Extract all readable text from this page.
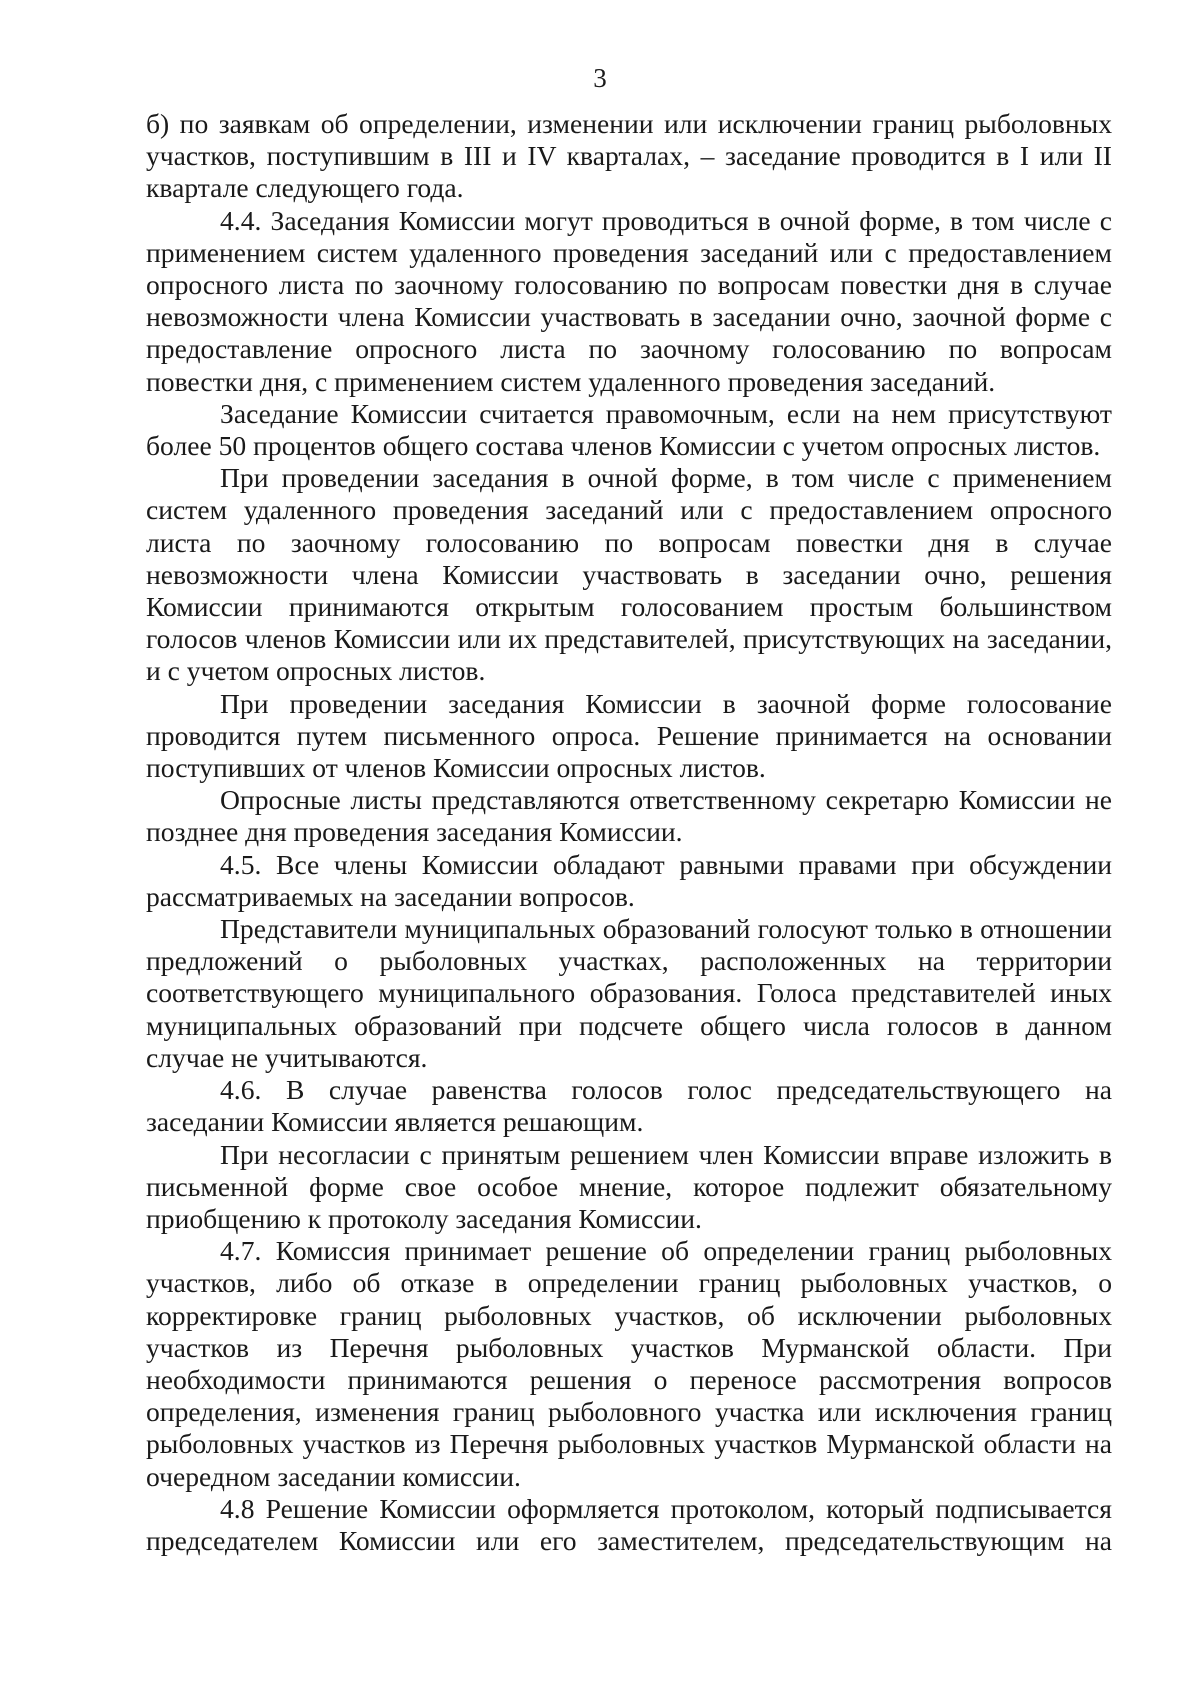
3

б) по заявкам об определении, изменении или исключении границ рыболовных участков, поступившим в III и IV кварталах, – заседание проводится в I или II квартале следующего года.

4.4. Заседания Комиссии могут проводиться в очной форме, в том числе с применением систем удаленного проведения заседаний или с предоставлением опросного листа по заочному голосованию по вопросам повестки дня в случае невозможности члена Комиссии участвовать в заседании очно, заочной форме с предоставление опросного листа по заочному голосованию по вопросам повестки дня, с применением систем удаленного проведения заседаний.

Заседание Комиссии считается правомочным, если на нем присутствуют более 50 процентов общего состава членов Комиссии с учетом опросных листов.

При проведении заседания в очной форме, в том числе с применением систем удаленного проведения заседаний или с предоставлением опросного листа по заочному голосованию по вопросам повестки дня в случае невозможности члена Комиссии участвовать в заседании очно, решения Комиссии принимаются открытым голосованием простым большинством голосов членов Комиссии или их представителей, присутствующих на заседании, и с учетом опросных листов.

При проведении заседания Комиссии в заочной форме голосование проводится путем письменного опроса. Решение принимается на основании поступивших от членов Комиссии опросных листов.

Опросные листы представляются ответственному секретарю Комиссии не позднее дня проведения заседания Комиссии.

4.5. Все члены Комиссии обладают равными правами при обсуждении рассматриваемых на заседании вопросов.

Представители муниципальных образований голосуют только в отношении предложений о рыболовных участках, расположенных на территории соответствующего муниципального образования. Голоса представителей иных муниципальных образований при подсчете общего числа голосов в данном случае не учитываются.

4.6. В случае равенства голосов голос председательствующего на заседании Комиссии является решающим.

При несогласии с принятым решением член Комиссии вправе изложить в письменной форме свое особое мнение, которое подлежит обязательному приобщению к протоколу заседания Комиссии.

4.7. Комиссия принимает решение об определении границ рыболовных участков, либо об отказе в определении границ рыболовных участков, о корректировке границ рыболовных участков, об исключении рыболовных участков из Перечня рыболовных участков Мурманской области. При необходимости принимаются решения о переносе рассмотрения вопросов определения, изменения границ рыболовного участка или исключения границ рыболовных участков из Перечня рыболовных участков Мурманской области на очередном заседании комиссии.

4.8 Решение Комиссии оформляется протоколом, который подписывается председателем Комиссии или его заместителем, председательствующим на
